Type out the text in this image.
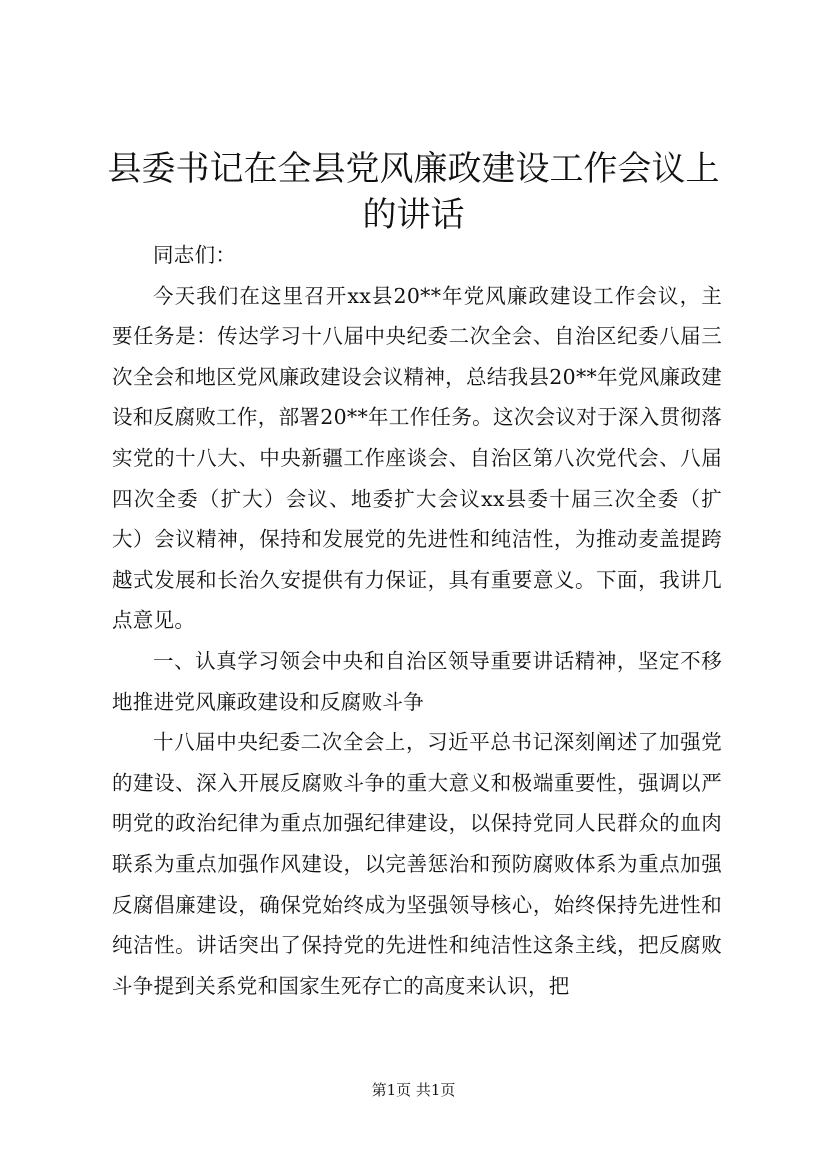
县委书记在全县党风廉政建设工作会议上的讲话

同志们：

今天我们在这里召开xx县20**年党风廉政建设工作会议，主要任务是：传达学习十八届中央纪委二次全会、自治区纪委八届三次全会和地区党风廉政建设会议精神，总结我县20**年党风廉政建设和反腐败工作，部署20**年工作任务。这次会议对于深入贯彻落实党的十八大、中央新疆工作座谈会、自治区第八次党代会、八届四次全委（扩大）会议、地委扩大会议xx县委十届三次全委（扩大）会议精神，保持和发展党的先进性和纯洁性，为推动麦盖提跨越式发展和长治久安提供有力保证，具有重要意义。下面，我讲几点意见。

一、认真学习领会中央和自治区领导重要讲话精神，坚定不移地推进党风廉政建设和反腐败斗争

十八届中央纪委二次全会上，习近平总书记深刻阐述了加强党的建设、深入开展反腐败斗争的重大意义和极端重要性，强调以严明党的政治纪律为重点加强纪律建设，以保持党同人民群众的血肉联系为重点加强作风建设，以完善惩治和预防腐败体系为重点加强反腐倡廉建设，确保党始终成为坚强领导核心，始终保持先进性和纯洁性。讲话突出了保持党的先进性和纯洁性这条主线，把反腐败斗争提到关系党和国家生死存亡的高度来认识，把

第1页 共1页
